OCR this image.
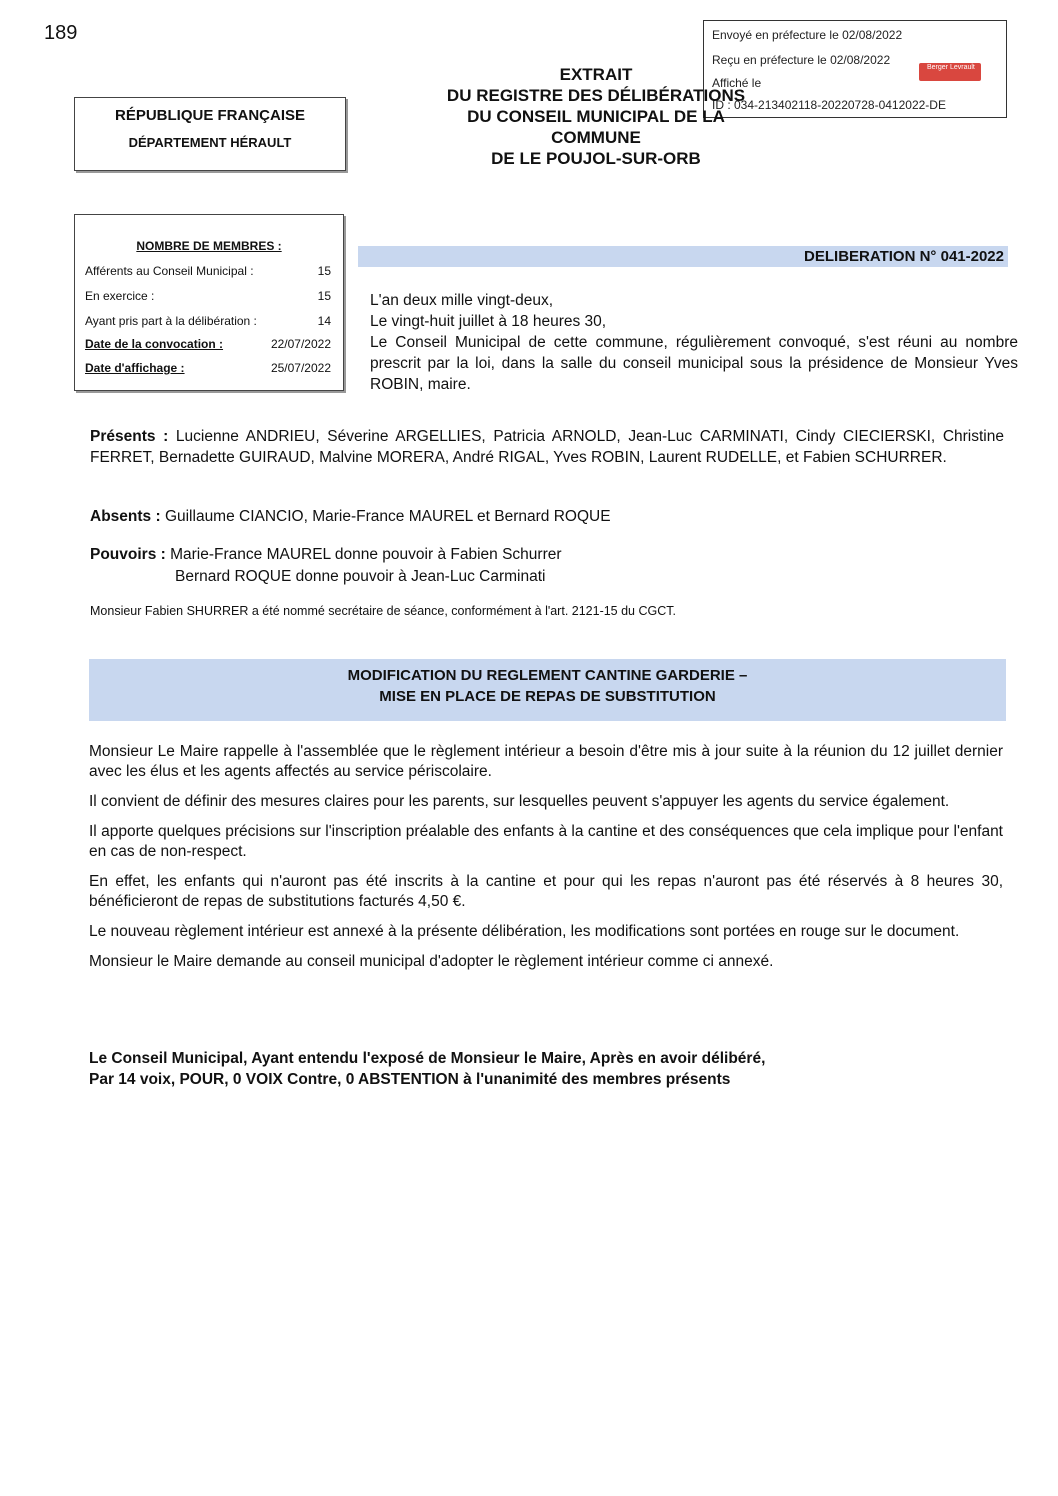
189	Envoyé en préfecture le 02/08/2022
Reçu en préfecture le 02/08/2022
Affiché le
ID : 034-213402118-20220728-0412022-DE
Berger Levrault
RÉPUBLIQUE FRANÇAISE
DÉPARTEMENT HÉRAULT
EXTRAIT
DU REGISTRE DES DÉLIBÉRATIONS
DU CONSEIL MUNICIPAL DE LA
COMMUNE
DE LE POUJOL-SUR-ORB
NOMBRE DE MEMBRES :
Afférents au Conseil Municipal :	15
En exercice :	15
Ayant pris part à la délibération :	14
Date de la convocation :	22/07/2022
Date d'affichage :	25/07/2022
DELIBERATION N° 041-2022
L'an deux mille vingt-deux,
Le vingt-huit juillet à 18 heures 30,
Le Conseil Municipal de cette commune, régulièrement convoqué, s'est réuni au nombre prescrit par la loi, dans la salle du conseil municipal sous la présidence de Monsieur Yves ROBIN, maire.
Présents : Lucienne ANDRIEU, Séverine ARGELLIES, Patricia ARNOLD, Jean-Luc CARMINATI, Cindy CIECIERSKI, Christine FERRET, Bernadette GUIRAUD, Malvine MORERA, André RIGAL, Yves ROBIN, Laurent RUDELLE, et Fabien SCHURRER.
Absents : Guillaume CIANCIO, Marie-France MAUREL et Bernard ROQUE
Pouvoirs : Marie-France MAUREL donne pouvoir à Fabien Schurrer
Bernard ROQUE donne pouvoir à Jean-Luc Carminati
Monsieur Fabien SHURRER a été nommé secrétaire de séance, conformément à l'art. 2121-15 du CGCT.
MODIFICATION DU REGLEMENT CANTINE GARDERIE –
MISE EN PLACE DE REPAS DE SUBSTITUTION

Monsieur Le Maire rappelle à l'assemblée que le règlement intérieur a besoin d'être mis à jour suite à la réunion du 12 juillet dernier avec les élus et les agents affectés au service périscolaire.

Il convient de définir des mesures claires pour les parents, sur lesquelles peuvent s'appuyer les agents du service également.

Il apporte quelques précisions sur l'inscription préalable des enfants à la cantine et des conséquences que cela implique pour l'enfant en cas de non-respect.

En effet, les enfants qui n'auront pas été inscrits à la cantine et pour qui les repas n'auront pas été réservés à 8 heures 30, bénéficieront de repas de substitutions facturés 4,50 €.

Le nouveau règlement intérieur est annexé à la présente délibération, les modifications sont portées en rouge sur le document.

Monsieur le Maire demande au conseil municipal d'adopter le règlement intérieur comme ci annexé.

Le Conseil Municipal, Ayant entendu l'exposé de Monsieur le Maire, Après en avoir délibéré,
Par 14 voix, POUR, 0 VOIX Contre, 0 ABSTENTION à l'unanimité des membres présents
